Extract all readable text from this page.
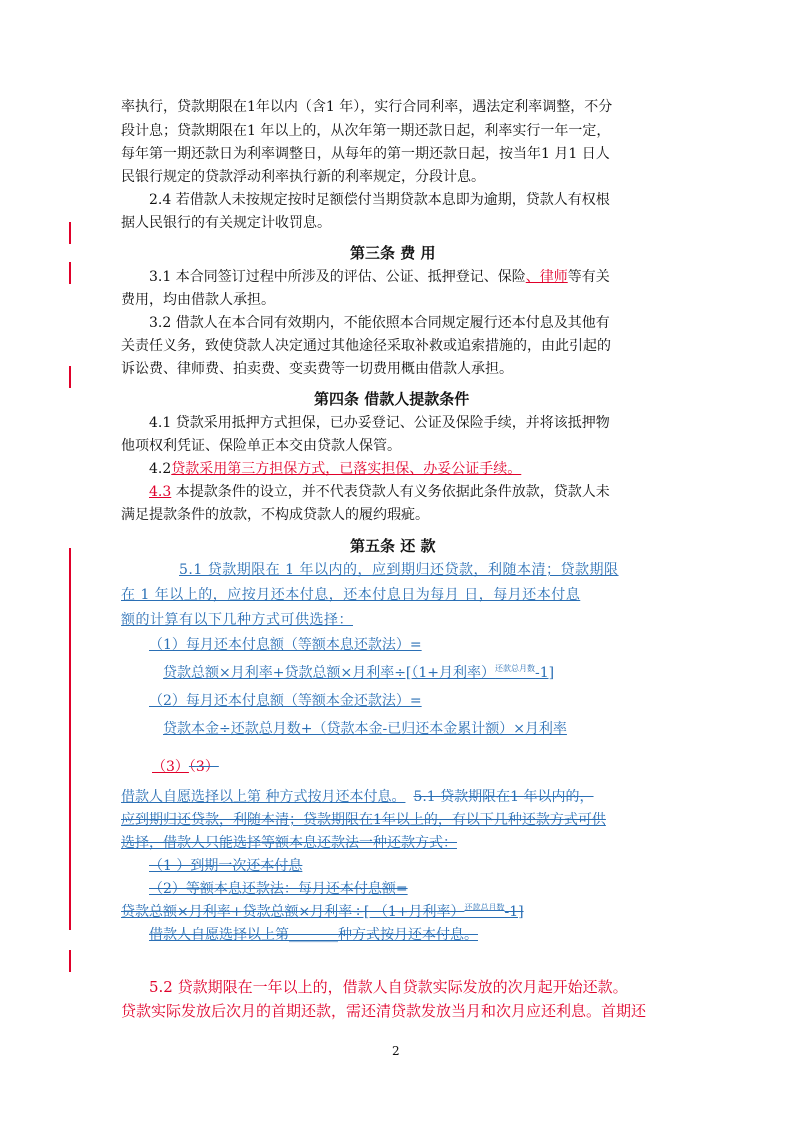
率执行，贷款期限在1年以内（含1 年），实行合同利率，遇法定利率调整，不分
段计息；贷款期限在1 年以上的，从次年第一期还款日起，利率实行一年一定，
每年第一期还款日为利率调整日，从每年的第一期还款日起，按当年1 月1 日人
民银行规定的贷款浮动利率执行新的利率规定，分段计息。
2.4 若借款人未按规定按时足额偿付当期贷款本息即为逾期，贷款人有权根
据人民银行的有关规定计收罚息。
第三条 费 用
3.1 本合同签订过程中所涉及的评估、公证、抵押登记、保险、律师等有关
费用，均由借款人承担。
3.2 借款人在本合同有效期内，不能依照本合同规定履行还本付息及其他有
关责任义务，致使贷款人决定通过其他途径采取补救或追索措施的，由此引起的
诉讼费、律师费、拍卖费、变卖费等一切费用概由借款人承担。
第四条 借款人提款条件
4.1 贷款采用抵押方式担保，已办妥登记、公证及保险手续，并将该抵押物
他项权利凭证、保险单正本交由贷款人保管。
4.2贷款采用第三方担保方式，已落实担保、办妥公证手续。
4.3 本提款条件的设立，并不代表贷款人有义务依据此条件放款，贷款人未
满足提款条件的放款，不构成贷款人的履约瑕疵。
第五条 还 款
5.1 贷款期限在 1 年以内的，应到期归还贷款，利随本清；贷款期限
在 1 年以上的，应按月还本付息，还本付息日为每月 日，每月还本付息
额的计算有以下几种方式可供选择：
（1）每月还本付息额（等额本息还款法）=
贷款总额×月利率+贷款总额×月利率÷[（1+月利率）$^{还款总月数}$-1]
（2）每月还本付息额（等额本金还款法）=
贷款本金÷还款总月数+（贷款本金-已归还本金累计额）×月利率
（3）（3）
借款人自愿选择以上第 种方式按月还本付息。 5.1 贷款期限在1 年以内的，
应到期归还贷款，利随本清；贷款期限在1年以上的，有以下几种还款方式可供
选择，借款人只能选择等额本息还款法一种还款方式：
（1 ）到期一次还本付息
（2）等额本息还款法：每月还本付息额=
贷款总额×月利率+贷款总额×月利率÷[ （1+月利率）$^{还款总月数}$-1]
借款人自愿选择以上第_______种方式按月还本付息。
5.2 贷款期限在一年以上的，借款人自贷款实际发放的次月起开始还款。
贷款实际发放后次月的首期还款，需还清贷款发放当月和次月应还利息。首期还
2
